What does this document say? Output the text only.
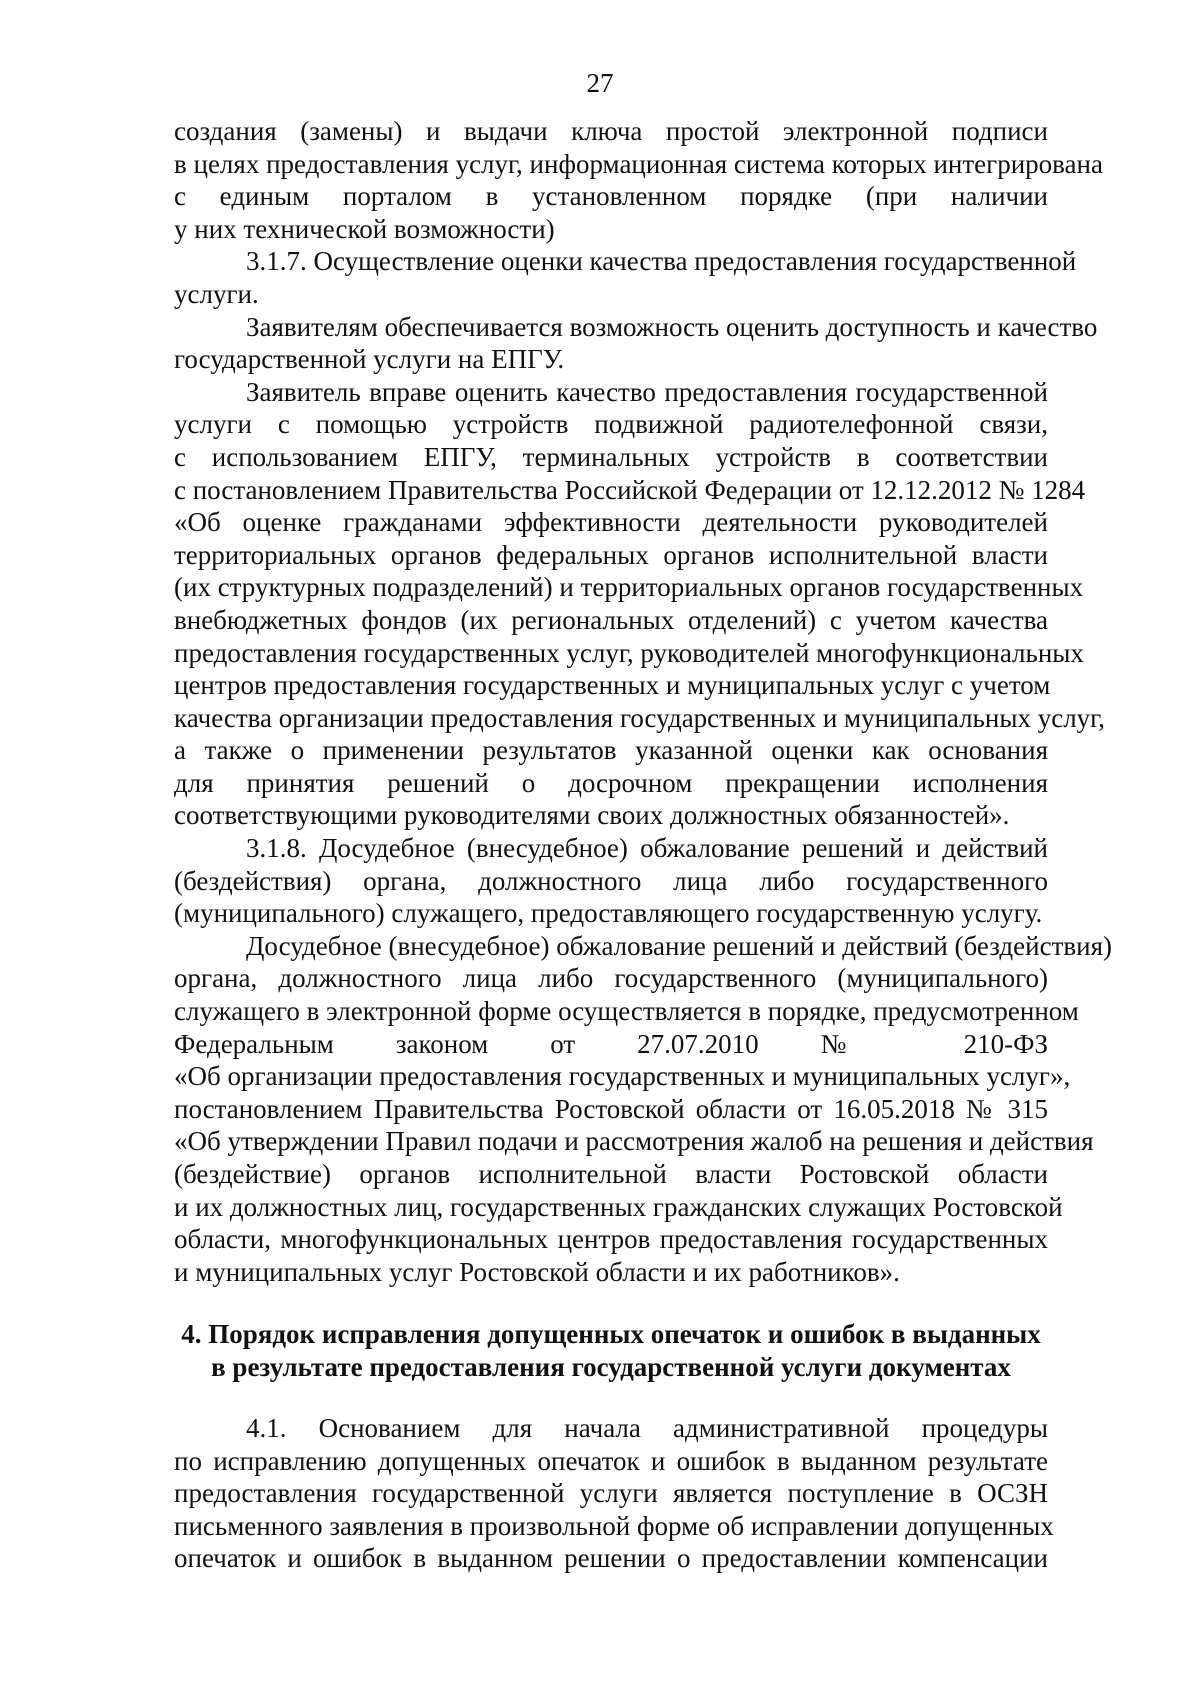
27
создания (замены) и выдачи ключа простой электронной подписи
в целях предоставления услуг, информационная система которых интегрирована
с единым порталом в установленном порядке (при наличии
у них технической возможности)
3.1.7. Осуществление оценки качества предоставления государственной
услуги.
Заявителям обеспечивается возможность оценить доступность и качество
государственной услуги на ЕПГУ.
Заявитель вправе оценить качество предоставления государственной
услуги с помощью устройств подвижной радиотелефонной связи,
с использованием ЕПГУ, терминальных устройств в соответствии
с постановлением Правительства Российской Федерации от 12.12.2012 № 1284
«Об оценке гражданами эффективности деятельности руководителей
территориальных органов федеральных органов исполнительной власти
(их структурных подразделений) и территориальных органов государственных
внебюджетных фондов (их региональных отделений) с учетом качества
предоставления государственных услуг, руководителей многофункциональных
центров предоставления государственных и муниципальных услуг с учетом
качества организации предоставления государственных и муниципальных услуг,
а также о применении результатов указанной оценки как основания
для принятия решений о досрочном прекращении исполнения
соответствующими руководителями своих должностных обязанностей».
3.1.8. Досудебное (внесудебное) обжалование решений и действий
(бездействия) органа, должностного лица либо государственного
(муниципального) служащего, предоставляющего государственную услугу.
Досудебное (внесудебное) обжалование решений и действий (бездействия)
органа, должностного лица либо государственного (муниципального)
служащего в электронной форме осуществляется в порядке, предусмотренном
Федеральным законом от 27.07.2010 № 210-ФЗ
«Об организации предоставления государственных и муниципальных услуг»,
постановлением Правительства Ростовской области от 16.05.2018 № 315
«Об утверждении Правил подачи и рассмотрения жалоб на решения и действия
(бездействие) органов исполнительной власти Ростовской области
и их должностных лиц, государственных гражданских служащих Ростовской
области, многофункциональных центров предоставления государственных
и муниципальных услуг Ростовской области и их работников».
4. Порядок исправления допущенных опечаток и ошибок в выданных
в результате предоставления государственной услуги документах
4.1. Основанием для начала административной процедуры
по исправлению допущенных опечаток и ошибок в выданном результате
предоставления государственной услуги является поступление в ОСЗН
письменного заявления в произвольной форме об исправлении допущенных
опечаток и ошибок в выданном решении о предоставлении компенсации
